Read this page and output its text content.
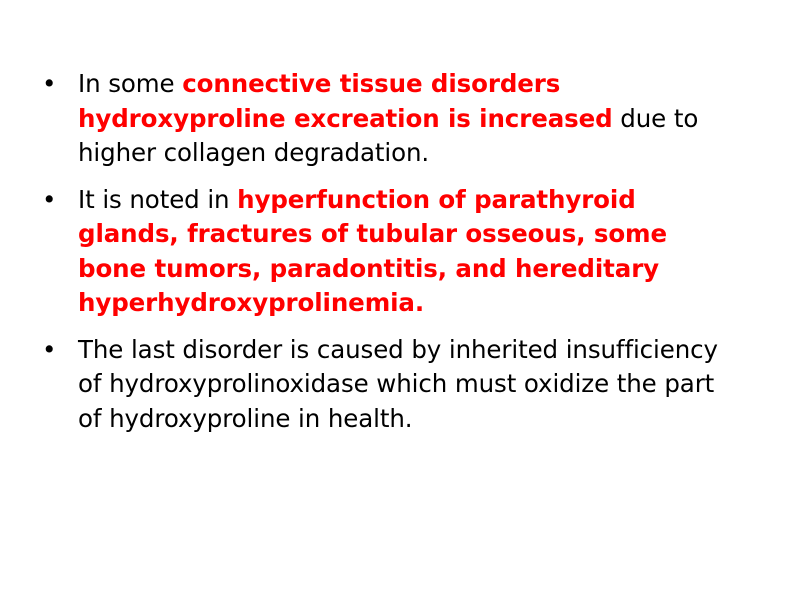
• In some connective tissue disorders hydroxyproline excreation is increased due to higher collagen degradation.
• It is noted in hyperfunction of parathyroid glands, fractures of tubular osseous, some bone tumors, paradontitis, and hereditary hyperhydroxyprolinemia.
• The last disorder is caused by inherited insufficiency of hydroxyprolinoxidase which must oxidize the part of hydroxyproline in health.
